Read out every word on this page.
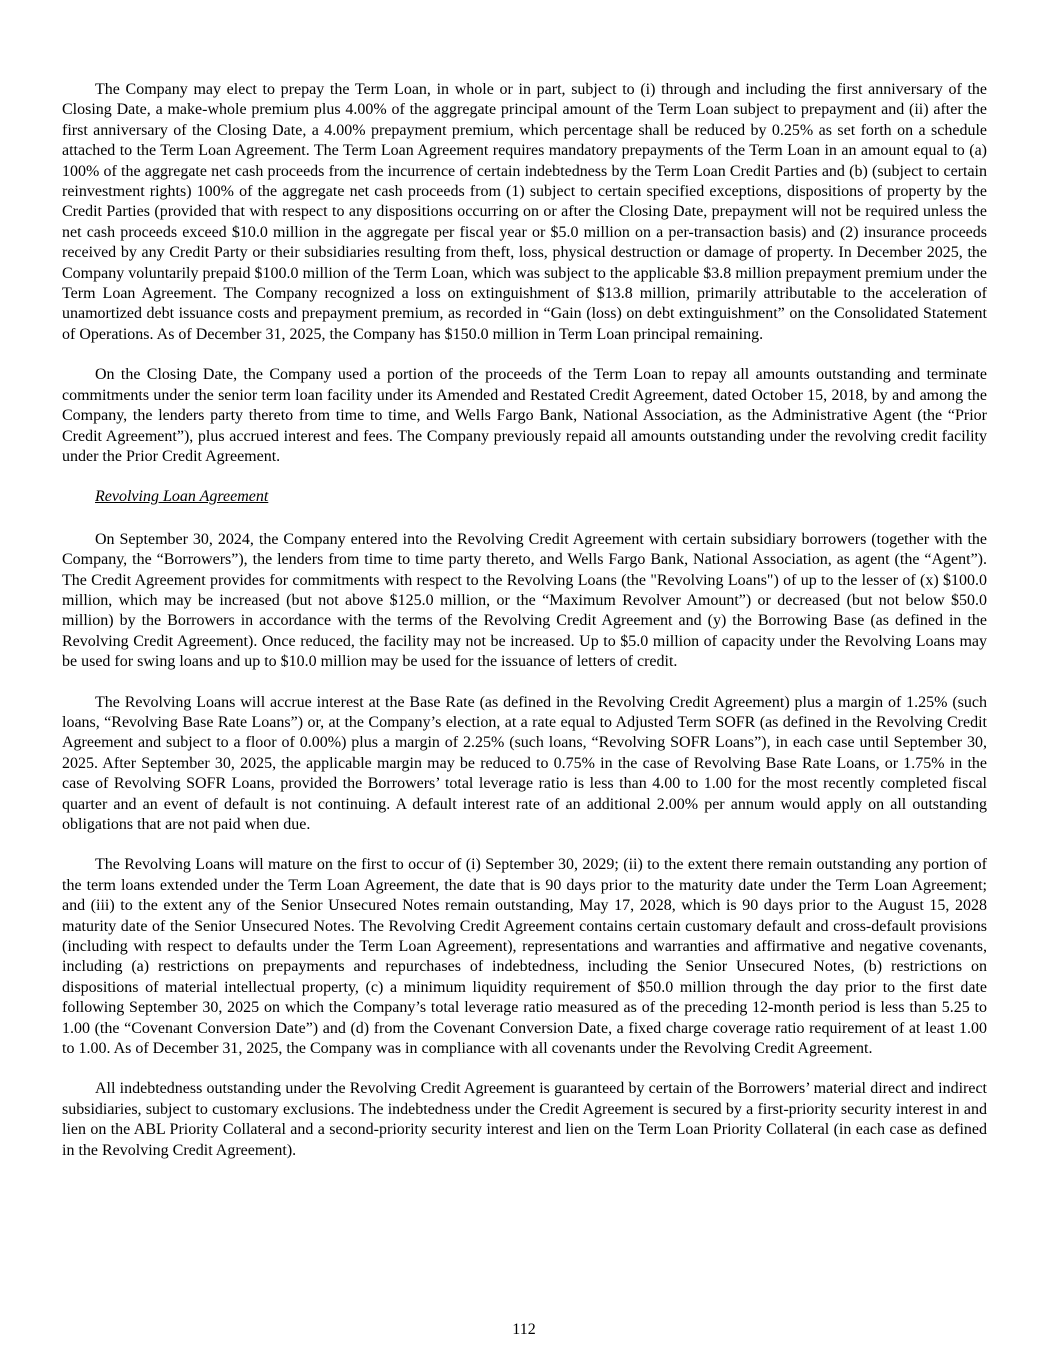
The Company may elect to prepay the Term Loan, in whole or in part, subject to (i) through and including the first anniversary of the Closing Date, a make-whole premium plus 4.00% of the aggregate principal amount of the Term Loan subject to prepayment and (ii) after the first anniversary of the Closing Date, a 4.00% prepayment premium, which percentage shall be reduced by 0.25% as set forth on a schedule attached to the Term Loan Agreement. The Term Loan Agreement requires mandatory prepayments of the Term Loan in an amount equal to (a) 100% of the aggregate net cash proceeds from the incurrence of certain indebtedness by the Term Loan Credit Parties and (b) (subject to certain reinvestment rights) 100% of the aggregate net cash proceeds from (1) subject to certain specified exceptions, dispositions of property by the Credit Parties (provided that with respect to any dispositions occurring on or after the Closing Date, prepayment will not be required unless the net cash proceeds exceed $10.0 million in the aggregate per fiscal year or $5.0 million on a per-transaction basis) and (2) insurance proceeds received by any Credit Party or their subsidiaries resulting from theft, loss, physical destruction or damage of property. In December 2025, the Company voluntarily prepaid $100.0 million of the Term Loan, which was subject to the applicable $3.8 million prepayment premium under the Term Loan Agreement. The Company recognized a loss on extinguishment of $13.8 million, primarily attributable to the acceleration of unamortized debt issuance costs and prepayment premium, as recorded in “Gain (loss) on debt extinguishment” on the Consolidated Statement of Operations. As of December 31, 2025, the Company has $150.0 million in Term Loan principal remaining.

On the Closing Date, the Company used a portion of the proceeds of the Term Loan to repay all amounts outstanding and terminate commitments under the senior term loan facility under its Amended and Restated Credit Agreement, dated October 15, 2018, by and among the Company, the lenders party thereto from time to time, and Wells Fargo Bank, National Association, as the Administrative Agent (the “Prior Credit Agreement”), plus accrued interest and fees. The Company previously repaid all amounts outstanding under the revolving credit facility under the Prior Credit Agreement.

Revolving Loan Agreement

On September 30, 2024, the Company entered into the Revolving Credit Agreement with certain subsidiary borrowers (together with the Company, the “Borrowers”), the lenders from time to time party thereto, and Wells Fargo Bank, National Association, as agent (the “Agent”). The Credit Agreement provides for commitments with respect to the Revolving Loans (the "Revolving Loans") of up to the lesser of (x) $100.0 million, which may be increased (but not above $125.0 million, or the “Maximum Revolver Amount”) or decreased (but not below $50.0 million) by the Borrowers in accordance with the terms of the Revolving Credit Agreement and (y) the Borrowing Base (as defined in the Revolving Credit Agreement). Once reduced, the facility may not be increased. Up to $5.0 million of capacity under the Revolving Loans may be used for swing loans and up to $10.0 million may be used for the issuance of letters of credit.

The Revolving Loans will accrue interest at the Base Rate (as defined in the Revolving Credit Agreement) plus a margin of 1.25% (such loans, “Revolving Base Rate Loans”) or, at the Company’s election, at a rate equal to Adjusted Term SOFR (as defined in the Revolving Credit Agreement and subject to a floor of 0.00%) plus a margin of 2.25% (such loans, “Revolving SOFR Loans”), in each case until September 30, 2025. After September 30, 2025, the applicable margin may be reduced to 0.75% in the case of Revolving Base Rate Loans, or 1.75% in the case of Revolving SOFR Loans, provided the Borrowers’ total leverage ratio is less than 4.00 to 1.00 for the most recently completed fiscal quarter and an event of default is not continuing. A default interest rate of an additional 2.00% per annum would apply on all outstanding obligations that are not paid when due.

The Revolving Loans will mature on the first to occur of (i) September 30, 2029; (ii) to the extent there remain outstanding any portion of the term loans extended under the Term Loan Agreement, the date that is 90 days prior to the maturity date under the Term Loan Agreement; and (iii) to the extent any of the Senior Unsecured Notes remain outstanding, May 17, 2028, which is 90 days prior to the August 15, 2028 maturity date of the Senior Unsecured Notes. The Revolving Credit Agreement contains certain customary default and cross-default provisions (including with respect to defaults under the Term Loan Agreement), representations and warranties and affirmative and negative covenants, including (a) restrictions on prepayments and repurchases of indebtedness, including the Senior Unsecured Notes, (b) restrictions on dispositions of material intellectual property, (c) a minimum liquidity requirement of $50.0 million through the day prior to the first date following September 30, 2025 on which the Company’s total leverage ratio measured as of the preceding 12-month period is less than 5.25 to 1.00 (the “Covenant Conversion Date”) and (d) from the Covenant Conversion Date, a fixed charge coverage ratio requirement of at least 1.00 to 1.00. As of December 31, 2025, the Company was in compliance with all covenants under the Revolving Credit Agreement.

All indebtedness outstanding under the Revolving Credit Agreement is guaranteed by certain of the Borrowers’ material direct and indirect subsidiaries, subject to customary exclusions. The indebtedness under the Credit Agreement is secured by a first-priority security interest in and lien on the ABL Priority Collateral and a second-priority security interest and lien on the Term Loan Priority Collateral (in each case as defined in the Revolving Credit Agreement).

112
